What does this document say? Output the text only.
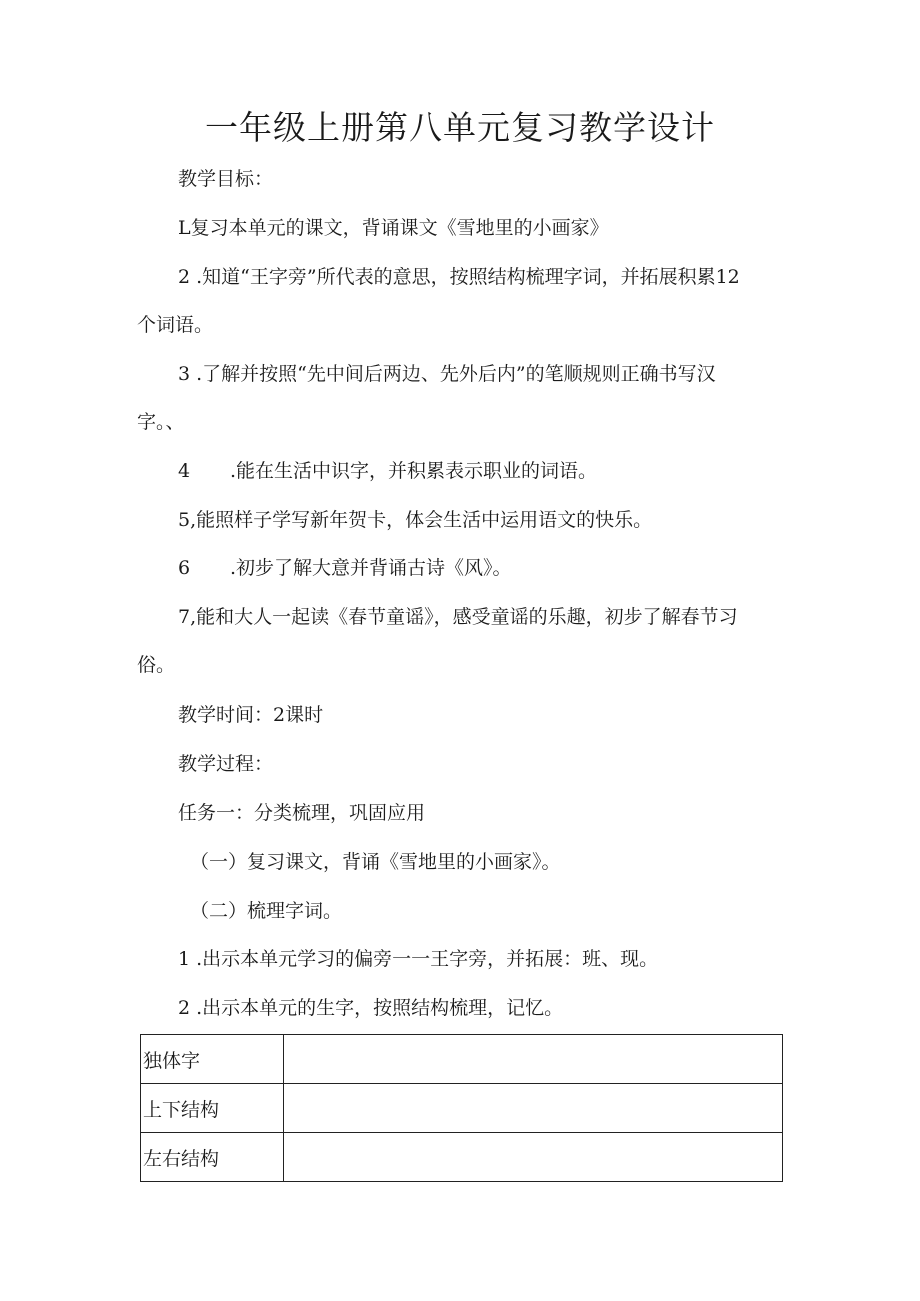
一年级上册第八单元复习教学设计

教学目标：

L复习本单元的课文，背诵课文《雪地里的小画家》

2 .知道“王字旁”所代表的意思，按照结构梳理字词，并拓展积累12

个词语。

3 .了解并按照“先中间后两边、先外后内”的笔顺规则正确书写汉

字。、

4 .能在生活中识字，并积累表示职业的词语。

5,能照样子学写新年贺卡，体会生活中运用语文的快乐。

6 .初步了解大意并背诵古诗《风》。

7,能和大人一起读《春节童谣》，感受童谣的乐趣，初步了解春节习

俗。

教学时间：2课时

教学过程：

任务一：分类梳理，巩固应用

（一）复习课文，背诵《雪地里的小画家》。

（二）梳理字词。

1 .出示本单元学习的偏旁一一王字旁，并拓展：班、现。

2 .出示本单元的生字，按照结构梳理，记忆。

独体字	
上下结构	
左右结构	
